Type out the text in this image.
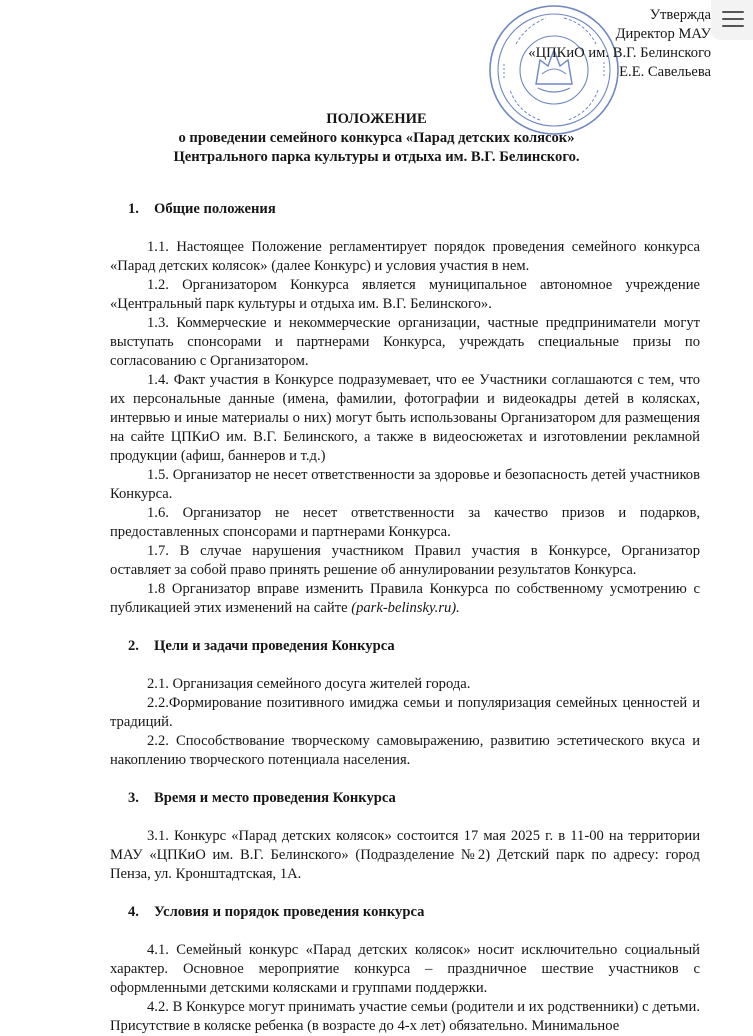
Утвержда
Директор МАУ
«ЦПКиО им. В.Г. Белинского
Е.Е. Савельева
ПОЛОЖЕНИЕ
о проведении семейного конкурса «Парад детских колясок»
Центрального парка культуры и отдыха им. В.Г. Белинского.
1. Общие положения

1.1. Настоящее Положение регламентирует порядок проведения семейного конкурса «Парад детских колясок» (далее Конкурс) и условия участия в нем.

1.2. Организатором Конкурса является муниципальное автономное учреждение «Центральный парк культуры и отдыха им. В.Г. Белинского».

1.3. Коммерческие и некоммерческие организации, частные предприниматели могут выступать спонсорами и партнерами Конкурса, учреждать специальные призы по согласованию с Организатором.

1.4. Факт участия в Конкурсе подразумевает, что ее Участники соглашаются с тем, что их персональные данные (имена, фамилии, фотографии и видеокадры детей в колясках, интервью и иные материалы о них) могут быть использованы Организатором для размещения на сайте ЦПКиО им. В.Г. Белинского, а также в видеосюжетах и изготовлении рекламной продукции (афиш, баннеров и т.д.)

1.5. Организатор не несет ответственности за здоровье и безопасность детей участников Конкурса.

1.6. Организатор не несет ответственности за качество призов и подарков, предоставленных спонсорами и партнерами Конкурса.

1.7. В случае нарушения участником Правил участия в Конкурсе, Организатор оставляет за собой право принять решение об аннулировании результатов Конкурса.

1.8 Организатор вправе изменить Правила Конкурса по собственному усмотрению с публикацией этих изменений на сайте (park-belinsky.ru).

2. Цели и задачи проведения Конкурса

2.1. Организация семейного досуга жителей города.

2.2.Формирование позитивного имиджа семьи и популяризация семейных ценностей и традиций.

2.2. Способствование творческому самовыражению, развитию эстетического вкуса и накоплению творческого потенциала населения.

3. Время и место проведения Конкурса

3.1. Конкурс «Парад детских колясок» состоится 17 мая 2025 г. в 11-00 на территории МАУ «ЦПКиО им. В.Г. Белинского» (Подразделение №2) Детский парк по адресу: город Пенза, ул. Кронштадтская, 1А.

4. Условия и порядок проведения конкурса

4.1. Семейный конкурс «Парад детских колясок» носит исключительно социальный характер. Основное мероприятие конкурса – праздничное шествие участников с оформленными детскими колясками и группами поддержки.

4.2. В Конкурсе могут принимать участие семьи (родители и их родственники) с детьми. Присутствие в коляске ребенка (в возрасте до 4-х лет) обязательно. Минимальное
